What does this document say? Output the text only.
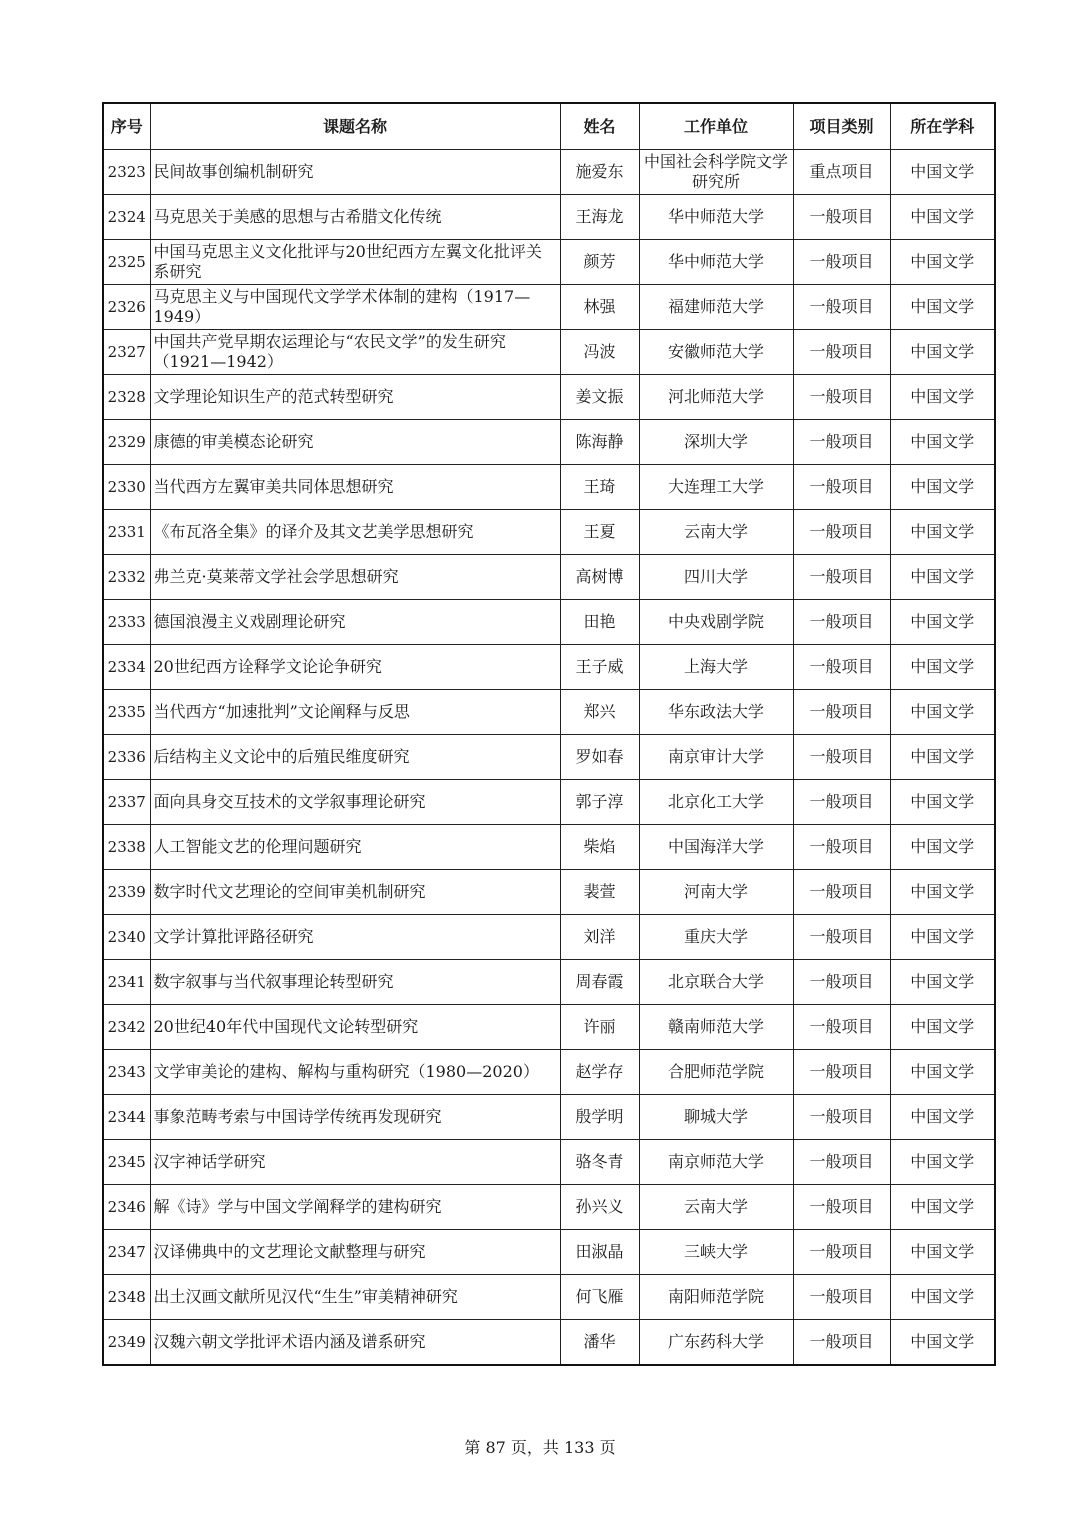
序号	课题名称	姓名	工作单位	项目类别	所在学科
2323	民间故事创编机制研究	施爱东	中国社会科学院文学研究所	重点项目	中国文学
2324	马克思关于美感的思想与古希腊文化传统	王海龙	华中师范大学	一般项目	中国文学
2325	中国马克思主义文化批评与20世纪西方左翼文化批评关系研究	颜芳	华中师范大学	一般项目	中国文学
2326	马克思主义与中国现代文学学术体制的建构（1917—1949）	林强	福建师范大学	一般项目	中国文学
2327	中国共产党早期农运理论与“农民文学”的发生研究（1921—1942）	冯波	安徽师范大学	一般项目	中国文学
2328	文学理论知识生产的范式转型研究	姜文振	河北师范大学	一般项目	中国文学
2329	康德的审美模态论研究	陈海静	深圳大学	一般项目	中国文学
2330	当代西方左翼审美共同体思想研究	王琦	大连理工大学	一般项目	中国文学
2331	《布瓦洛全集》的译介及其文艺美学思想研究	王夏	云南大学	一般项目	中国文学
2332	弗兰克·莫莱蒂文学社会学思想研究	高树博	四川大学	一般项目	中国文学
2333	德国浪漫主义戏剧理论研究	田艳	中央戏剧学院	一般项目	中国文学
2334	20世纪西方诠释学文论论争研究	王子威	上海大学	一般项目	中国文学
2335	当代西方“加速批判”文论阐释与反思	郑兴	华东政法大学	一般项目	中国文学
2336	后结构主义文论中的后殖民维度研究	罗如春	南京审计大学	一般项目	中国文学
2337	面向具身交互技术的文学叙事理论研究	郭子淳	北京化工大学	一般项目	中国文学
2338	人工智能文艺的伦理问题研究	柴焰	中国海洋大学	一般项目	中国文学
2339	数字时代文艺理论的空间审美机制研究	裴萱	河南大学	一般项目	中国文学
2340	文学计算批评路径研究	刘洋	重庆大学	一般项目	中国文学
2341	数字叙事与当代叙事理论转型研究	周春霞	北京联合大学	一般项目	中国文学
2342	20世纪40年代中国现代文论转型研究	许丽	赣南师范大学	一般项目	中国文学
2343	文学审美论的建构、解构与重构研究（1980—2020）	赵学存	合肥师范学院	一般项目	中国文学
2344	事象范畴考索与中国诗学传统再发现研究	殷学明	聊城大学	一般项目	中国文学
2345	汉字神话学研究	骆冬青	南京师范大学	一般项目	中国文学
2346	解《诗》学与中国文学阐释学的建构研究	孙兴义	云南大学	一般项目	中国文学
2347	汉译佛典中的文艺理论文献整理与研究	田淑晶	三峡大学	一般项目	中国文学
2348	出土汉画文献所见汉代“生生”审美精神研究	何飞雁	南阳师范学院	一般项目	中国文学
2349	汉魏六朝文学批评术语内涵及谱系研究	潘华	广东药科大学	一般项目	中国文学
第 87 页，共 133 页
